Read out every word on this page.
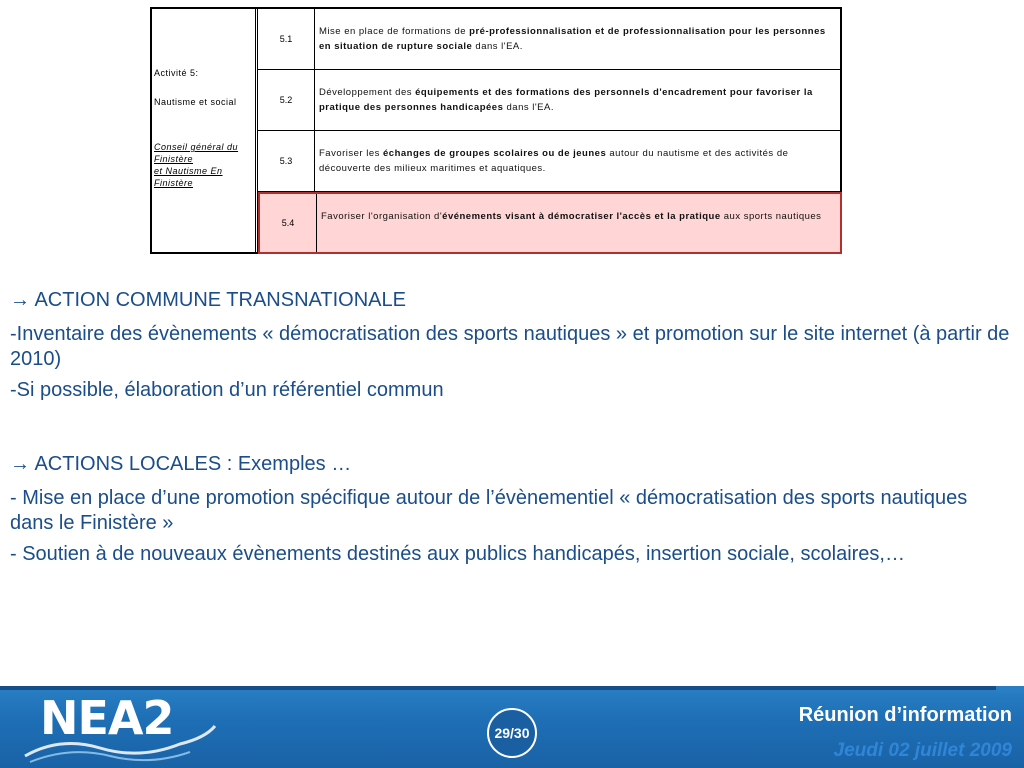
Activité 5:
Nautisme et social
Conseil général du
Finistère
et Nautisme En
Finistère
5.1
Mise en place de formations de pré-professionnalisation et de professionnalisation pour les personnes en situation de rupture sociale dans l'EA.
5.2
Développement des équipements et des formations des personnels d'encadrement pour favoriser la pratique des personnes handicapées dans l'EA.
5.3
Favoriser les échanges de groupes scolaires ou de jeunes autour du nautisme et des activités de découverte des milieux maritimes et aquatiques.
5.4
Favoriser l'organisation d'événements visant à démocratiser l'accès et la pratique aux sports nautiques

→ ACTION COMMUNE TRANSNATIONALE

-Inventaire des évènements « démocratisation des sports nautiques » et promotion sur le site internet (à partir de 2010)

-Si possible, élaboration d’un référentiel commun

→ ACTIONS LOCALES : Exemples …

- Mise en place d’une promotion spécifique autour de l’évènementiel « démocratisation des sports nautiques dans le Finistère »

- Soutien à de nouveaux évènements destinés aux publics handicapés, insertion sociale, scolaires,…

NEA2	29/30
Réunion d’information
Jeudi 02 juillet 2009
